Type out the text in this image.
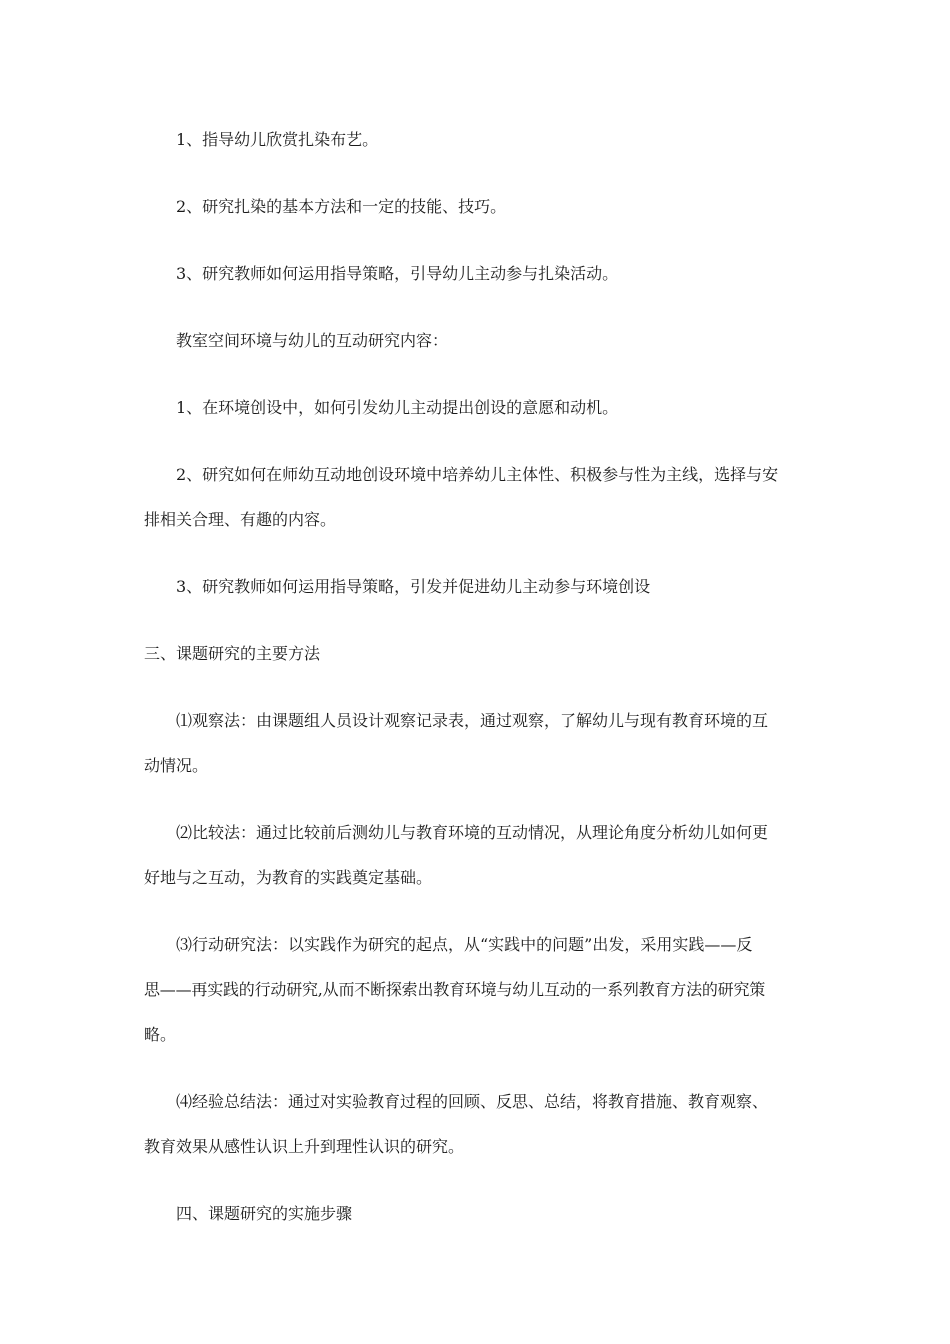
1、指导幼儿欣赏扎染布艺。
2、研究扎染的基本方法和一定的技能、技巧。
3、研究教师如何运用指导策略，引导幼儿主动参与扎染活动。
教室空间环境与幼儿的互动研究内容：
1、在环境创设中，如何引发幼儿主动提出创设的意愿和动机。
2、研究如何在师幼互动地创设环境中培养幼儿主体性、积极参与性为主线，选择与安
排相关合理、有趣的内容。
3、研究教师如何运用指导策略，引发并促进幼儿主动参与环境创设
三、课题研究的主要方法
⑴观察法：由课题组人员设计观察记录表，通过观察，了解幼儿与现有教育环境的互
动情况。
⑵比较法：通过比较前后测幼儿与教育环境的互动情况，从理论角度分析幼儿如何更
好地与之互动，为教育的实践奠定基础。
⑶行动研究法：以实践作为研究的起点，从“实践中的问题”出发，采用实践——反
思——再实践的行动研究,从而不断探索出教育环境与幼儿互动的一系列教育方法的研究策
略。
⑷经验总结法：通过对实验教育过程的回顾、反思、总结，将教育措施、教育观察、
教育效果从感性认识上升到理性认识的研究。
四、课题研究的实施步骤
